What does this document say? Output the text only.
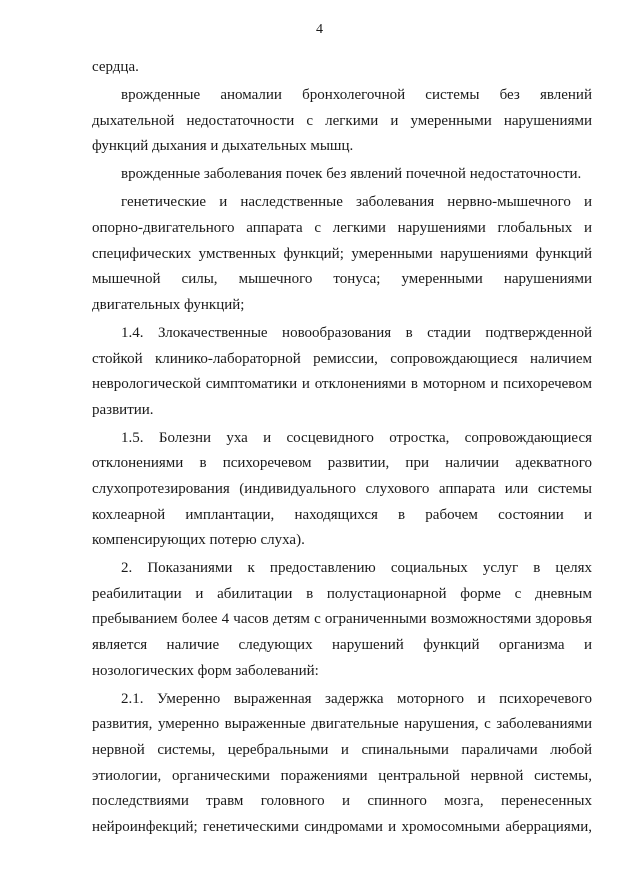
4

сердца.

врожденные аномалии бронхолегочной системы без явлений дыхательной недостаточности с легкими и умеренными нарушениями функций дыхания и дыхательных мышц.

врожденные заболевания почек без явлений почечной недостаточности.

генетические и наследственные заболевания нервно-мышечного и опорно-двигательного аппарата с легкими нарушениями глобальных и специфических умственных функций; умеренными нарушениями функций мышечной силы, мышечного тонуса; умеренными нарушениями двигательных функций;

1.4. Злокачественные новообразования в стадии подтвержденной стойкой клинико-лабораторной ремиссии, сопровождающиеся наличием неврологической симптоматики и отклонениями в моторном и психоречевом развитии.

1.5. Болезни уха и сосцевидного отростка, сопровождающиеся отклонениями в психоречевом развитии, при наличии адекватного слухопротезирования (индивидуального слухового аппарата или системы кохлеарной имплантации, находящихся в рабочем состоянии и компенсирующих потерю слуха).

2. Показаниями к предоставлению социальных услуг в целях реабилитации и абилитации в полустационарной форме с дневным пребыванием более 4 часов детям с ограниченными возможностями здоровья является наличие следующих нарушений функций организма и нозологических форм заболеваний:

2.1. Умеренно выраженная задержка моторного и психоречевого развития, умеренно выраженные двигательные нарушения, с заболеваниями нервной системы, церебральными и спинальными параличами любой этиологии, органическими поражениями центральной нервной системы, последствиями травм головного и спинного мозга, перенесенных нейроинфекций; генетическими синдромами и хромосомными аберрациями,
